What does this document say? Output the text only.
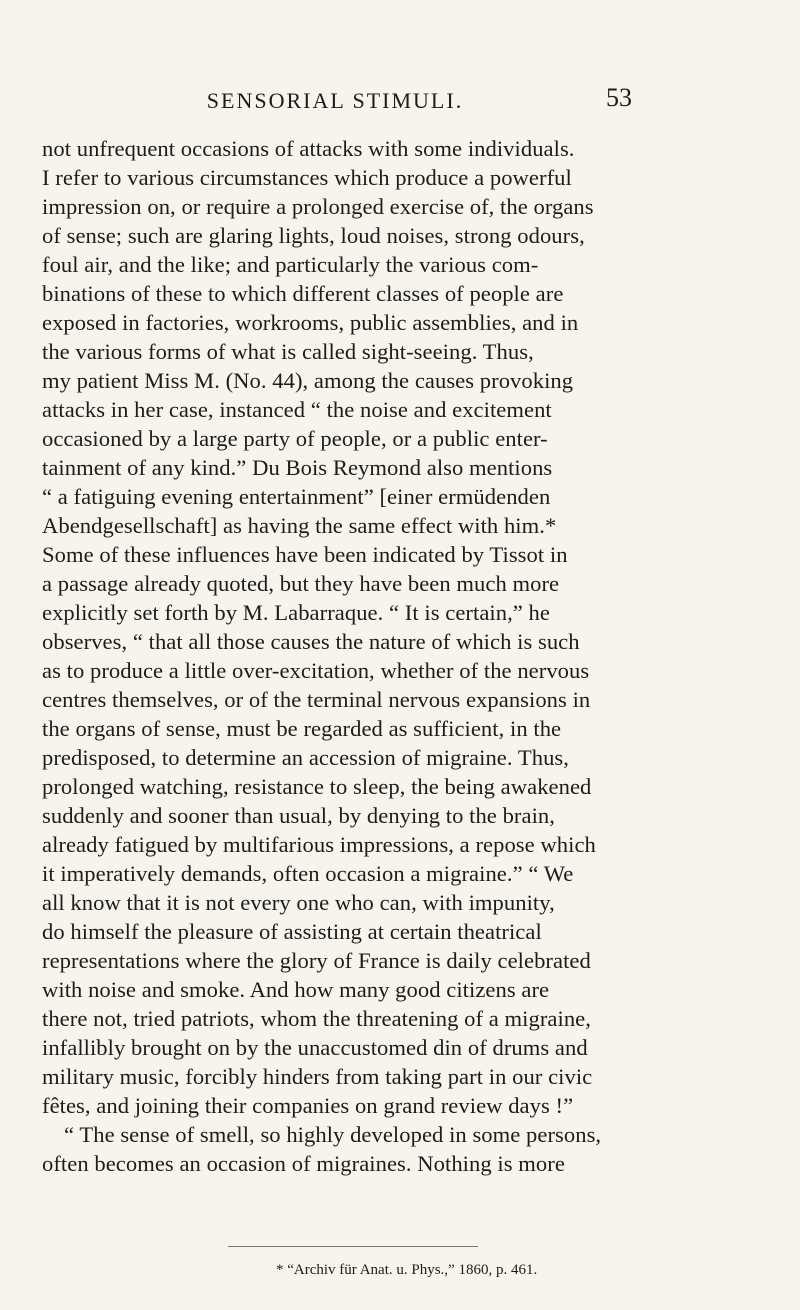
SENSORIAL STIMULI.	53
not unfrequent occasions of attacks with some individuals.
I refer to various circumstances which produce a powerful
impression on, or require a prolonged exercise of, the organs
of sense; such are glaring lights, loud noises, strong odours,
foul air, and the like; and particularly the various com-
binations of these to which different classes of people are
exposed in factories, workrooms, public assemblies, and in
the various forms of what is called sight-seeing. Thus,
my patient Miss M. (No. 44), among the causes provoking
attacks in her case, instanced “ the noise and excitement
occasioned by a large party of people, or a public enter-
tainment of any kind.” Du Bois Reymond also mentions
“ a fatiguing evening entertainment” [einer ermüdenden
Abendgesellschaft] as having the same effect with him.*
Some of these influences have been indicated by Tissot in
a passage already quoted, but they have been much more
explicitly set forth by M. Labarraque. “ It is certain,” he
observes, “ that all those causes the nature of which is such
as to produce a little over-excitation, whether of the nervous
centres themselves, or of the terminal nervous expansions in
the organs of sense, must be regarded as sufficient, in the
predisposed, to determine an accession of migraine. Thus,
prolonged watching, resistance to sleep, the being awakened
suddenly and sooner than usual, by denying to the brain,
already fatigued by multifarious impressions, a repose which
it imperatively demands, often occasion a migraine.” “ We
all know that it is not every one who can, with impunity,
do himself the pleasure of assisting at certain theatrical
representations where the glory of France is daily celebrated
with noise and smoke. And how many good citizens are
there not, tried patriots, whom the threatening of a migraine,
infallibly brought on by the unaccustomed din of drums and
military music, forcibly hinders from taking part in our civic
fêtes, and joining their companies on grand review days !”
“ The sense of smell, so highly developed in some persons,
often becomes an occasion of migraines. Nothing is more
* “Archiv für Anat. u. Phys.,” 1860, p. 461.
